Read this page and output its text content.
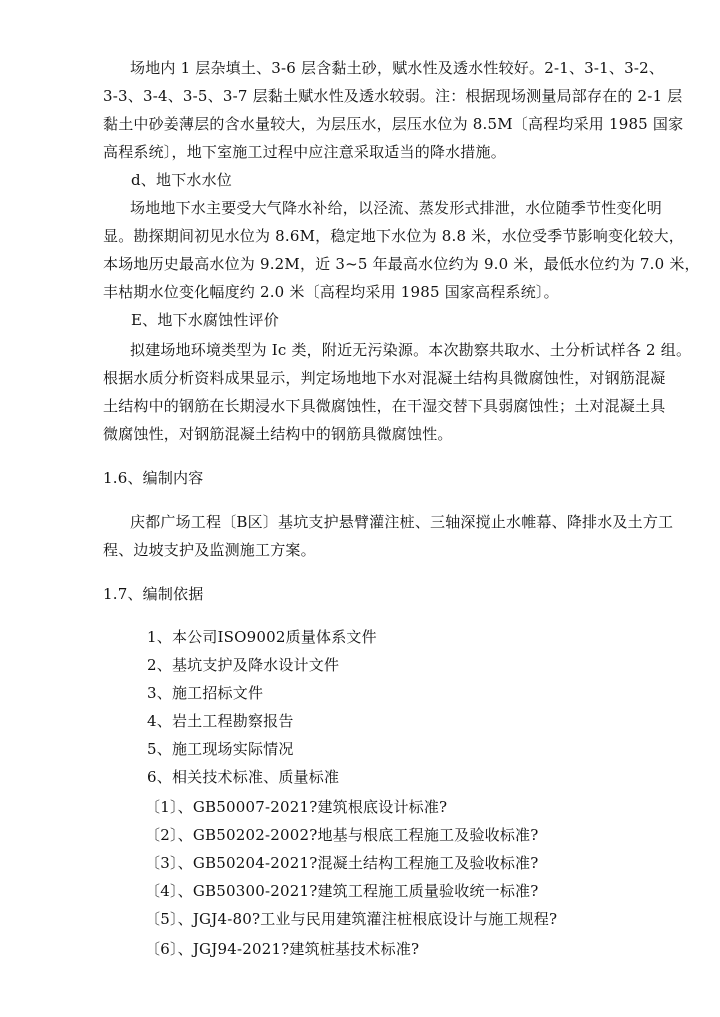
场地内 1 层杂填土、3-6 层含黏土砂，赋水性及透水性较好。2-1、3-1、3-2、
3-3、3-4、3-5、3-7 层黏土赋水性及透水较弱。注：根据现场测量局部存在的 2-1 层
黏土中砂姜薄层的含水量较大，为层压水，层压水位为 8.5M〔高程均采用 1985 国家
高程系统〕，地下室施工过程中应注意采取适当的降水措施。
d、地下水水位
场地地下水主要受大气降水补给，以泾流、蒸发形式排泄，水位随季节性变化明
显。勘探期间初见水位为 8.6M，稳定地下水位为 8.8 米，水位受季节影响变化较大，
本场地历史最高水位为 9.2M，近 3~5 年最高水位约为 9.0 米，最低水位约为 7.0 米，
丰枯期水位变化幅度约 2.0 米〔高程均采用 1985 国家高程系统〕。
E、地下水腐蚀性评价
拟建场地环境类型为 Ic 类，附近无污染源。本次勘察共取水、土分析试样各 2 组。
根据水质分析资料成果显示，判定场地地下水对混凝土结构具微腐蚀性，对钢筋混凝
土结构中的钢筋在长期浸水下具微腐蚀性，在干湿交替下具弱腐蚀性；土对混凝土具
微腐蚀性，对钢筋混凝土结构中的钢筋具微腐蚀性。
1.6、编制内容
庆都广场工程〔B区〕基坑支护悬臂灌注桩、三轴深搅止水帷幕、降排水及土方工
程、边坡支护及监测施工方案。
1.7、编制依据
1、本公司ISO9002质量体系文件
2、基坑支护及降水设计文件
3、施工招标文件
4、岩土工程勘察报告
5、施工现场实际情况
6、相关技术标准、质量标准
〔1〕、GB50007-2021?建筑根底设计标准?
〔2〕、GB50202-2002?地基与根底工程施工及验收标准?
〔3〕、GB50204-2021?混凝土结构工程施工及验收标准?
〔4〕、GB50300-2021?建筑工程施工质量验收统一标准?
〔5〕、JGJ4-80?工业与民用建筑灌注桩根底设计与施工规程?
〔6〕、JGJ94-2021?建筑桩基技术标准?
